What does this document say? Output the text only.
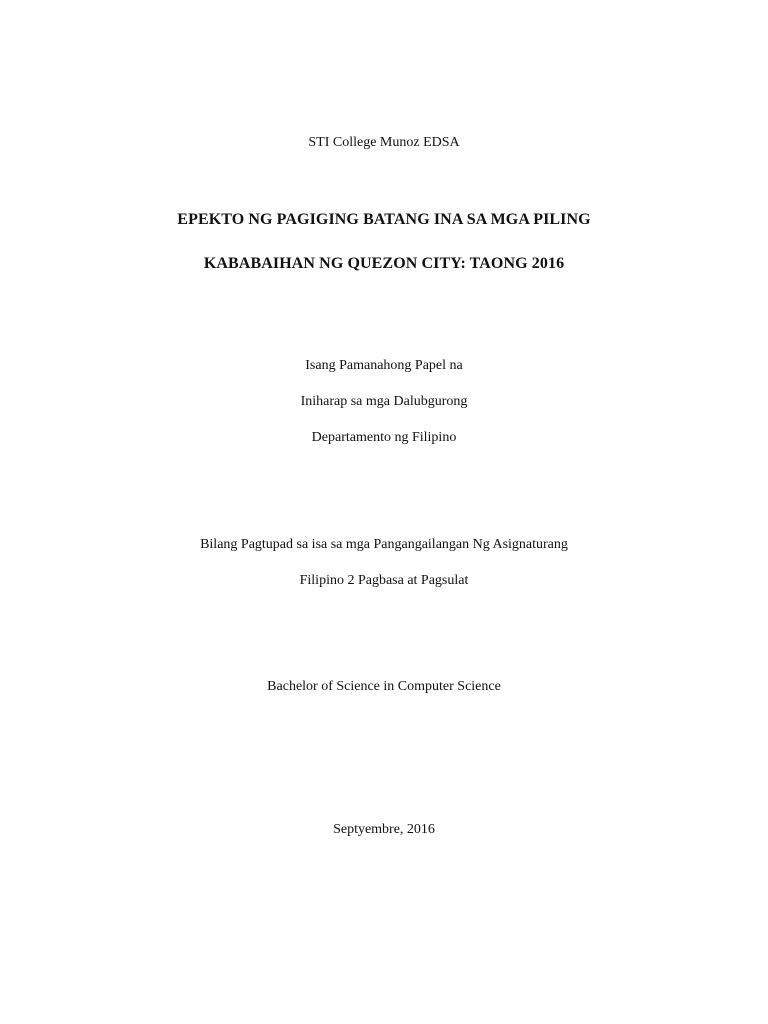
STI College Munoz EDSA
EPEKTO NG PAGIGING BATANG INA SA MGA PILING
KABABAIHAN NG QUEZON CITY: TAONG 2016
Isang Pamanahong Papel na
Iniharap sa mga Dalubgurong
Departamento ng Filipino
Bilang Pagtupad sa isa sa mga Pangangailangan Ng Asignaturang
Filipino 2 Pagbasa at Pagsulat
Bachelor of Science in Computer Science
Septyembre, 2016
